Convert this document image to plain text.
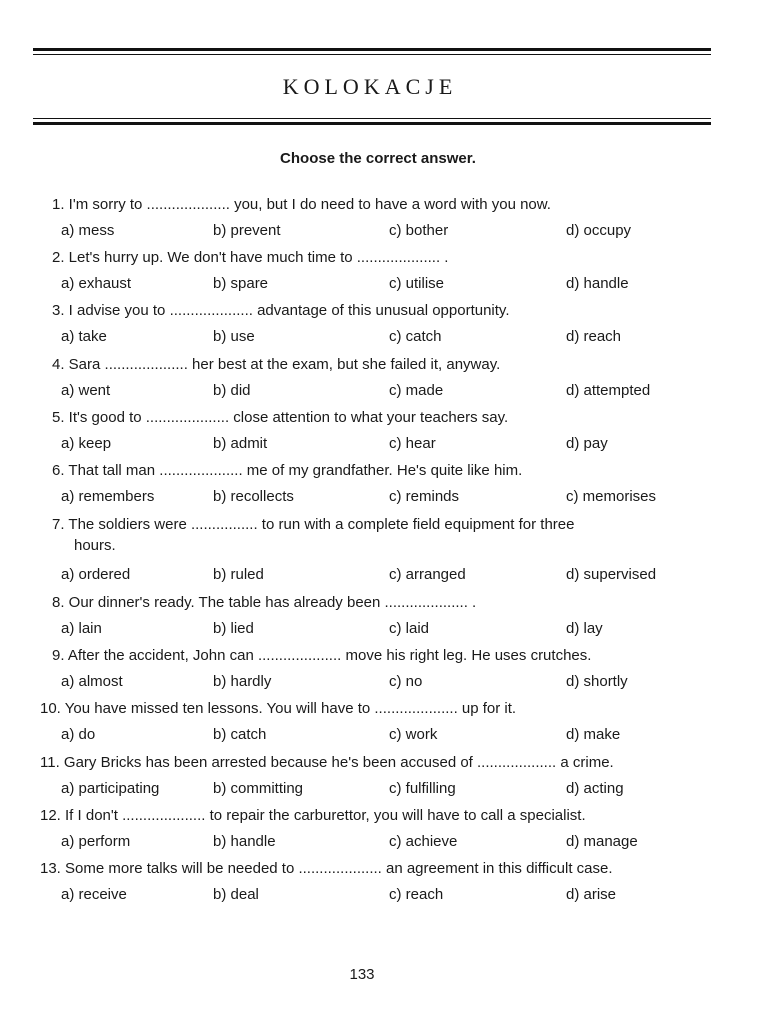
KOLOKACJE
Choose the correct answer.
1. I'm sorry to .................... you, but I do need to have a word with you now.
a) mess	b) prevent	c) bother	d) occupy
2. Let's hurry up. We don't have much time to .................... .
a) exhaust	b) spare	c) utilise	d) handle
3. I advise you to .................... advantage of this unusual opportunity.
a) take	b) use	c) catch	d) reach
4. Sara .................... her best at the exam, but she failed it, anyway.
a) went	b) did	c) made	d) attempted
5. It's good to .................... close attention to what your teachers say.
a) keep	b) admit	c) hear	d) pay
6. That tall man .................... me of my grandfather. He's quite like him.
a) remembers	b) recollects	c) reminds	c) memorises
7. The soldiers were ................ to run with a complete field equipment for three
hours.
a) ordered	b) ruled	c) arranged	d) supervised
8. Our dinner's ready. The table has already been .................... .
a) lain	b) lied	c) laid	d) lay
9. After the accident, John can .................... move his right leg. He uses crutches.
a) almost	b) hardly	c) no	d) shortly
10. You have missed ten lessons. You will have to .................... up for it.
a) do	b) catch	c) work	d) make
11. Gary Bricks has been arrested because he's been accused of ................... a crime.
a) participating	b) committing	c) fulfilling	d) acting
12. If I don't .................... to repair the carburettor, you will have to call a specialist.
a) perform	b) handle	c) achieve	d) manage
13. Some more talks will be needed to .................... an agreement in this difficult case.
a) receive	b) deal	c) reach	d) arise
133
